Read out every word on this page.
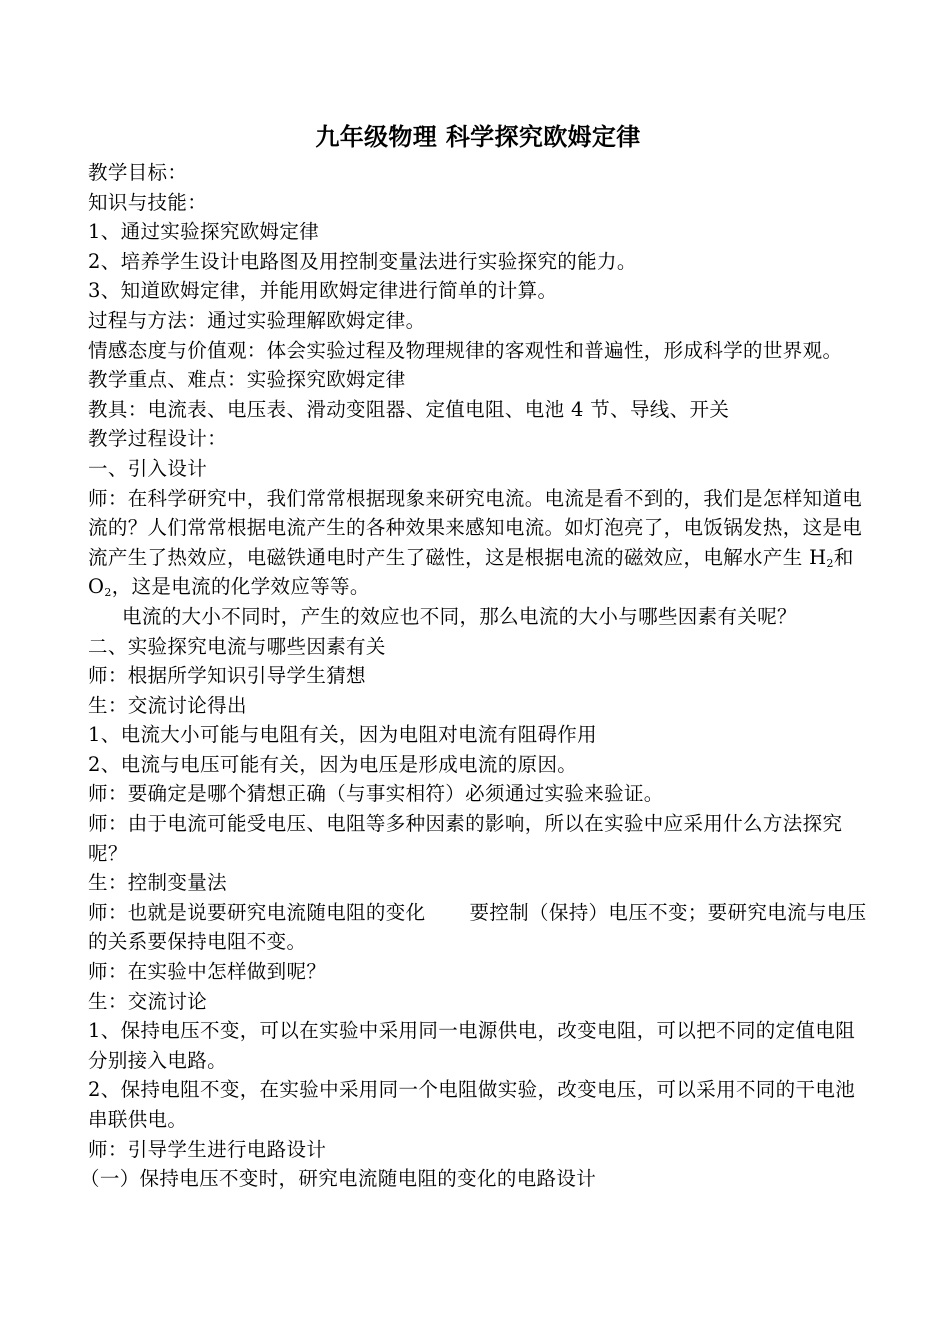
九年级物理 科学探究欧姆定律

教学目标：

知识与技能：

1、通过实验探究欧姆定律

2、培养学生设计电路图及用控制变量法进行实验探究的能力。

3、知道欧姆定律，并能用欧姆定律进行简单的计算。

过程与方法：通过实验理解欧姆定律。

情感态度与价值观：体会实验过程及物理规律的客观性和普遍性，形成科学的世界观。

教学重点、难点：实验探究欧姆定律

教具：电流表、电压表、滑动变阻器、定值电阻、电池 4 节、导线、开关

教学过程设计：

一、引入设计

师：在科学研究中，我们常常根据现象来研究电流。电流是看不到的，我们是怎样知道电流的？人们常常根据电流产生的各种效果来感知电流。如灯泡亮了，电饭锅发热，这是电流产生了热效应，电磁铁通电时产生了磁性，这是根据电流的磁效应，电解水产生 $H_2$和 $O_2$，这是电流的化学效应等等。

电流的大小不同时，产生的效应也不同，那么电流的大小与哪些因素有关呢？

二、实验探究电流与哪些因素有关

师：根据所学知识引导学生猜想

生：交流讨论得出

1、电流大小可能与电阻有关，因为电阻对电流有阻碍作用

2、电流与电压可能有关，因为电压是形成电流的原因。

师：要确定是哪个猜想正确（与事实相符）必须通过实验来验证。

师：由于电流可能受电压、电阻等多种因素的影响，所以在实验中应采用什么方法探究呢？

生：控制变量法

师：也就是说要研究电流随电阻的变化 要控制（保持）电压不变；要研究电流与电压的关系要保持电阻不变。

师：在实验中怎样做到呢？

生：交流讨论

1、保持电压不变，可以在实验中采用同一电源供电，改变电阻，可以把不同的定值电阻分别接入电路。

2、保持电阻不变，在实验中采用同一个电阻做实验，改变电压，可以采用不同的干电池串联供电。

师：引导学生进行电路设计

（一）保持电压不变时，研究电流随电阻的变化的电路设计
